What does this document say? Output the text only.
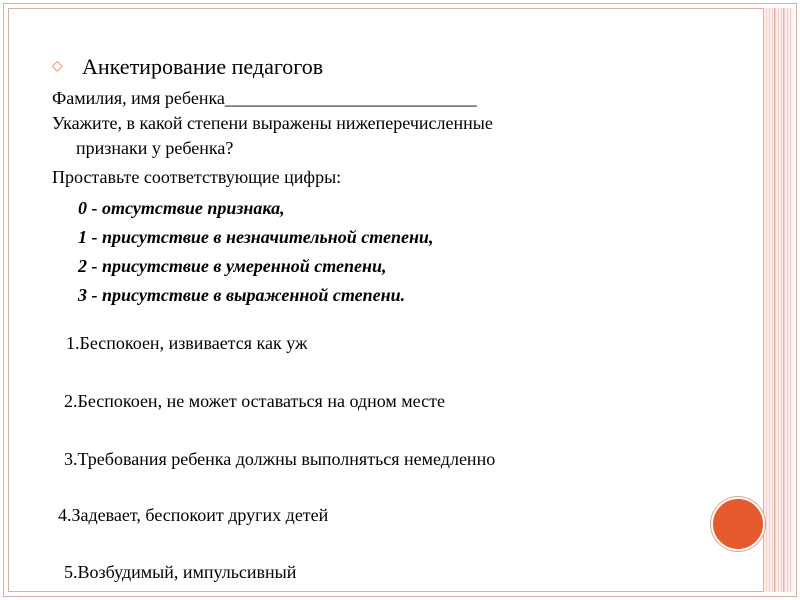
◇ Анкетирование педагогов
Фамилия, имя ребенка____________________________
Укажите, в какой степени выражены нижеперечисленные
признаки у ребенка?
Проставьте соответствующие цифры:
0 - отсутствие признака,
1 - присутствие в незначительной степени,
2 - присутствие в умеренной степени,
3 - присутствие в выраженной степени.
1.Беспокоен, извивается как уж
2.Беспокоен, не может оставаться на одном месте
3.Требования ребенка должны выполняться немедленно
4.Задевает, беспокоит других детей
5.Возбудимый, импульсивный
